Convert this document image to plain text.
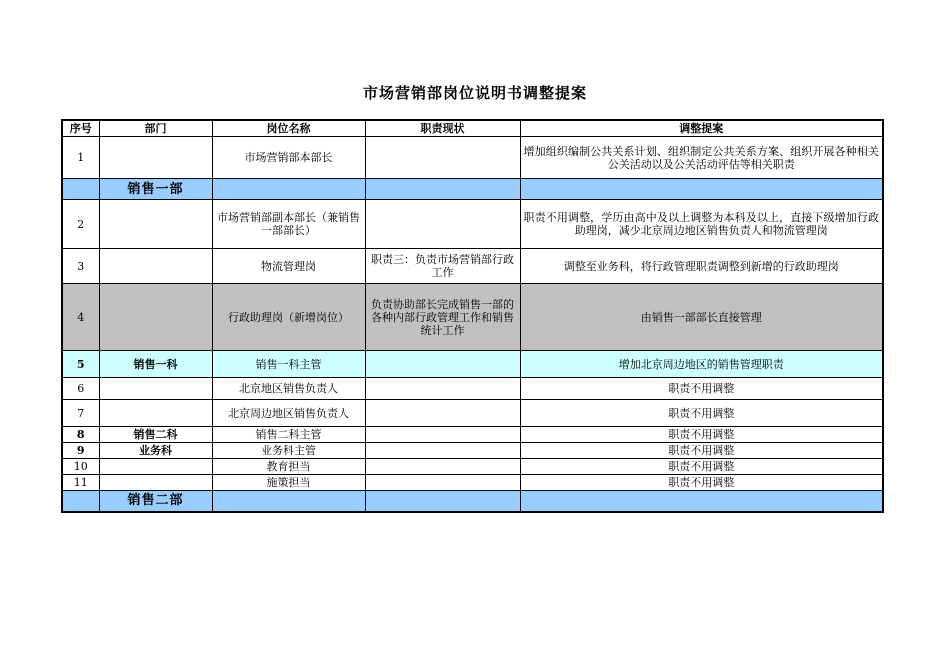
市场营销部岗位说明书调整提案
序号	部门	岗位名称	职责现状	调整提案
1		市场营销部本部长		增加组织编制公共关系计划、组织制定公共关系方案、组织开展各种相关公关活动以及公关活动评估等相关职责
	销售一部			
2		市场营销部副本部长（兼销售一部部长）		职责不用调整，学历由高中及以上调整为本科及以上，直接下级增加行政助理岗，减少北京周边地区销售负责人和物流管理岗
3		物流管理岗	职责三：负责市场营销部行政工作	调整至业务科，将行政管理职责调整到新增的行政助理岗
4		行政助理岗（新增岗位）	负责协助部长完成销售一部的各种内部行政管理工作和销售统计工作	由销售一部部长直接管理
5	销售一科	销售一科主管		增加北京周边地区的销售管理职责
6		北京地区销售负责人		职责不用调整
7		北京周边地区销售负责人		职责不用调整
8	销售二科	销售二科主管		职责不用调整
9	业务科	业务科主管		职责不用调整
10		教育担当		职责不用调整
11		施策担当		职责不用调整
	销售二部			
